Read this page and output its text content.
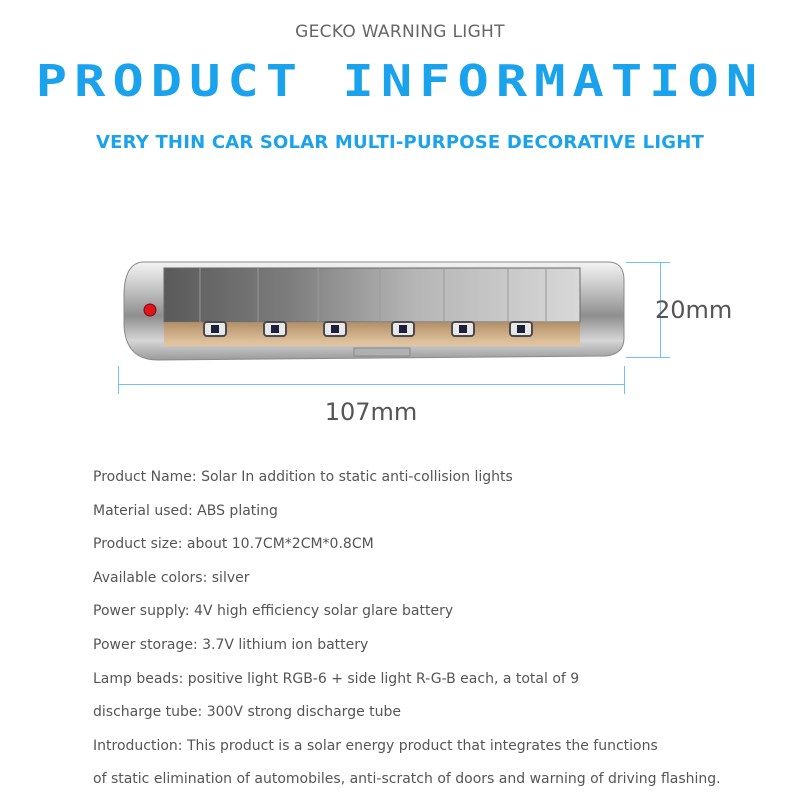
GECKO WARNING LIGHT
PRODUCT INFORMATION
VERY THIN CAR SOLAR MULTI-PURPOSE DECORATIVE LIGHT
20mm
107mm
Product Name: Solar In addition to static anti-collision lights
Material used: ABS plating
Product size: about 10.7CM*2CM*0.8CM
Available colors: silver
Power supply: 4V high efficiency solar glare battery
Power storage: 3.7V lithium ion battery
Lamp beads: positive light RGB-6 + side light R-G-B each, a total of 9
discharge tube: 300V strong discharge tube
Introduction: This product is a solar energy product that integrates the functions
of static elimination of automobiles, anti-scratch of doors and warning of driving flashing.
